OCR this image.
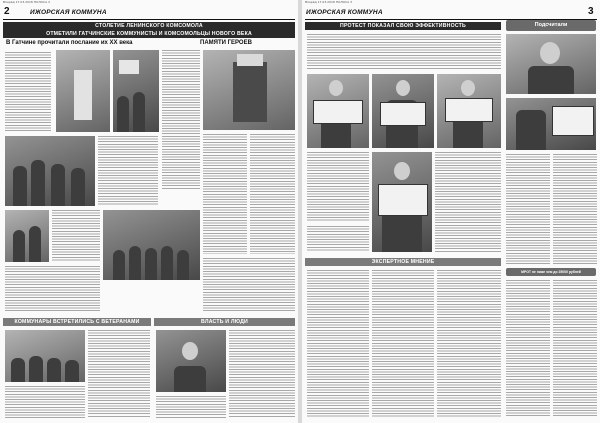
Вперёд 17.03.2018 ПОЛОСА 2
2	ИЖОРСКАЯ КОММУНА
СТОЛЕТИЕ ЛЕНИНСКОГО КОМСОМОЛА
ОТМЕТИЛИ ГАТЧИНСКИЕ КОММУНИСТЫ И КОМСОМОЛЬЦЫ НОВОГО ВЕКА
В Гатчине прочитали послание их XX века	ПАМЯТИ ГЕРОЕВ
КОММУНАРЫ ВСТРЕТИЛИСЬ С ВЕТЕРАНАМИ	ВЛАСТЬ И ЛЮДИ
Вперёд 17.03.2018 ПОЛОСА 3
ИЖОРСКАЯ КОММУНА	3
ПРОТЕСТ ПОКАЗАЛ СВОЮ ЭФФЕКТИВНОСТЬ	Подсчитали
ЭКСПЕРТНОЕ МНЕНИЕ
МРОТ не ниже чем до 25000 рублей
